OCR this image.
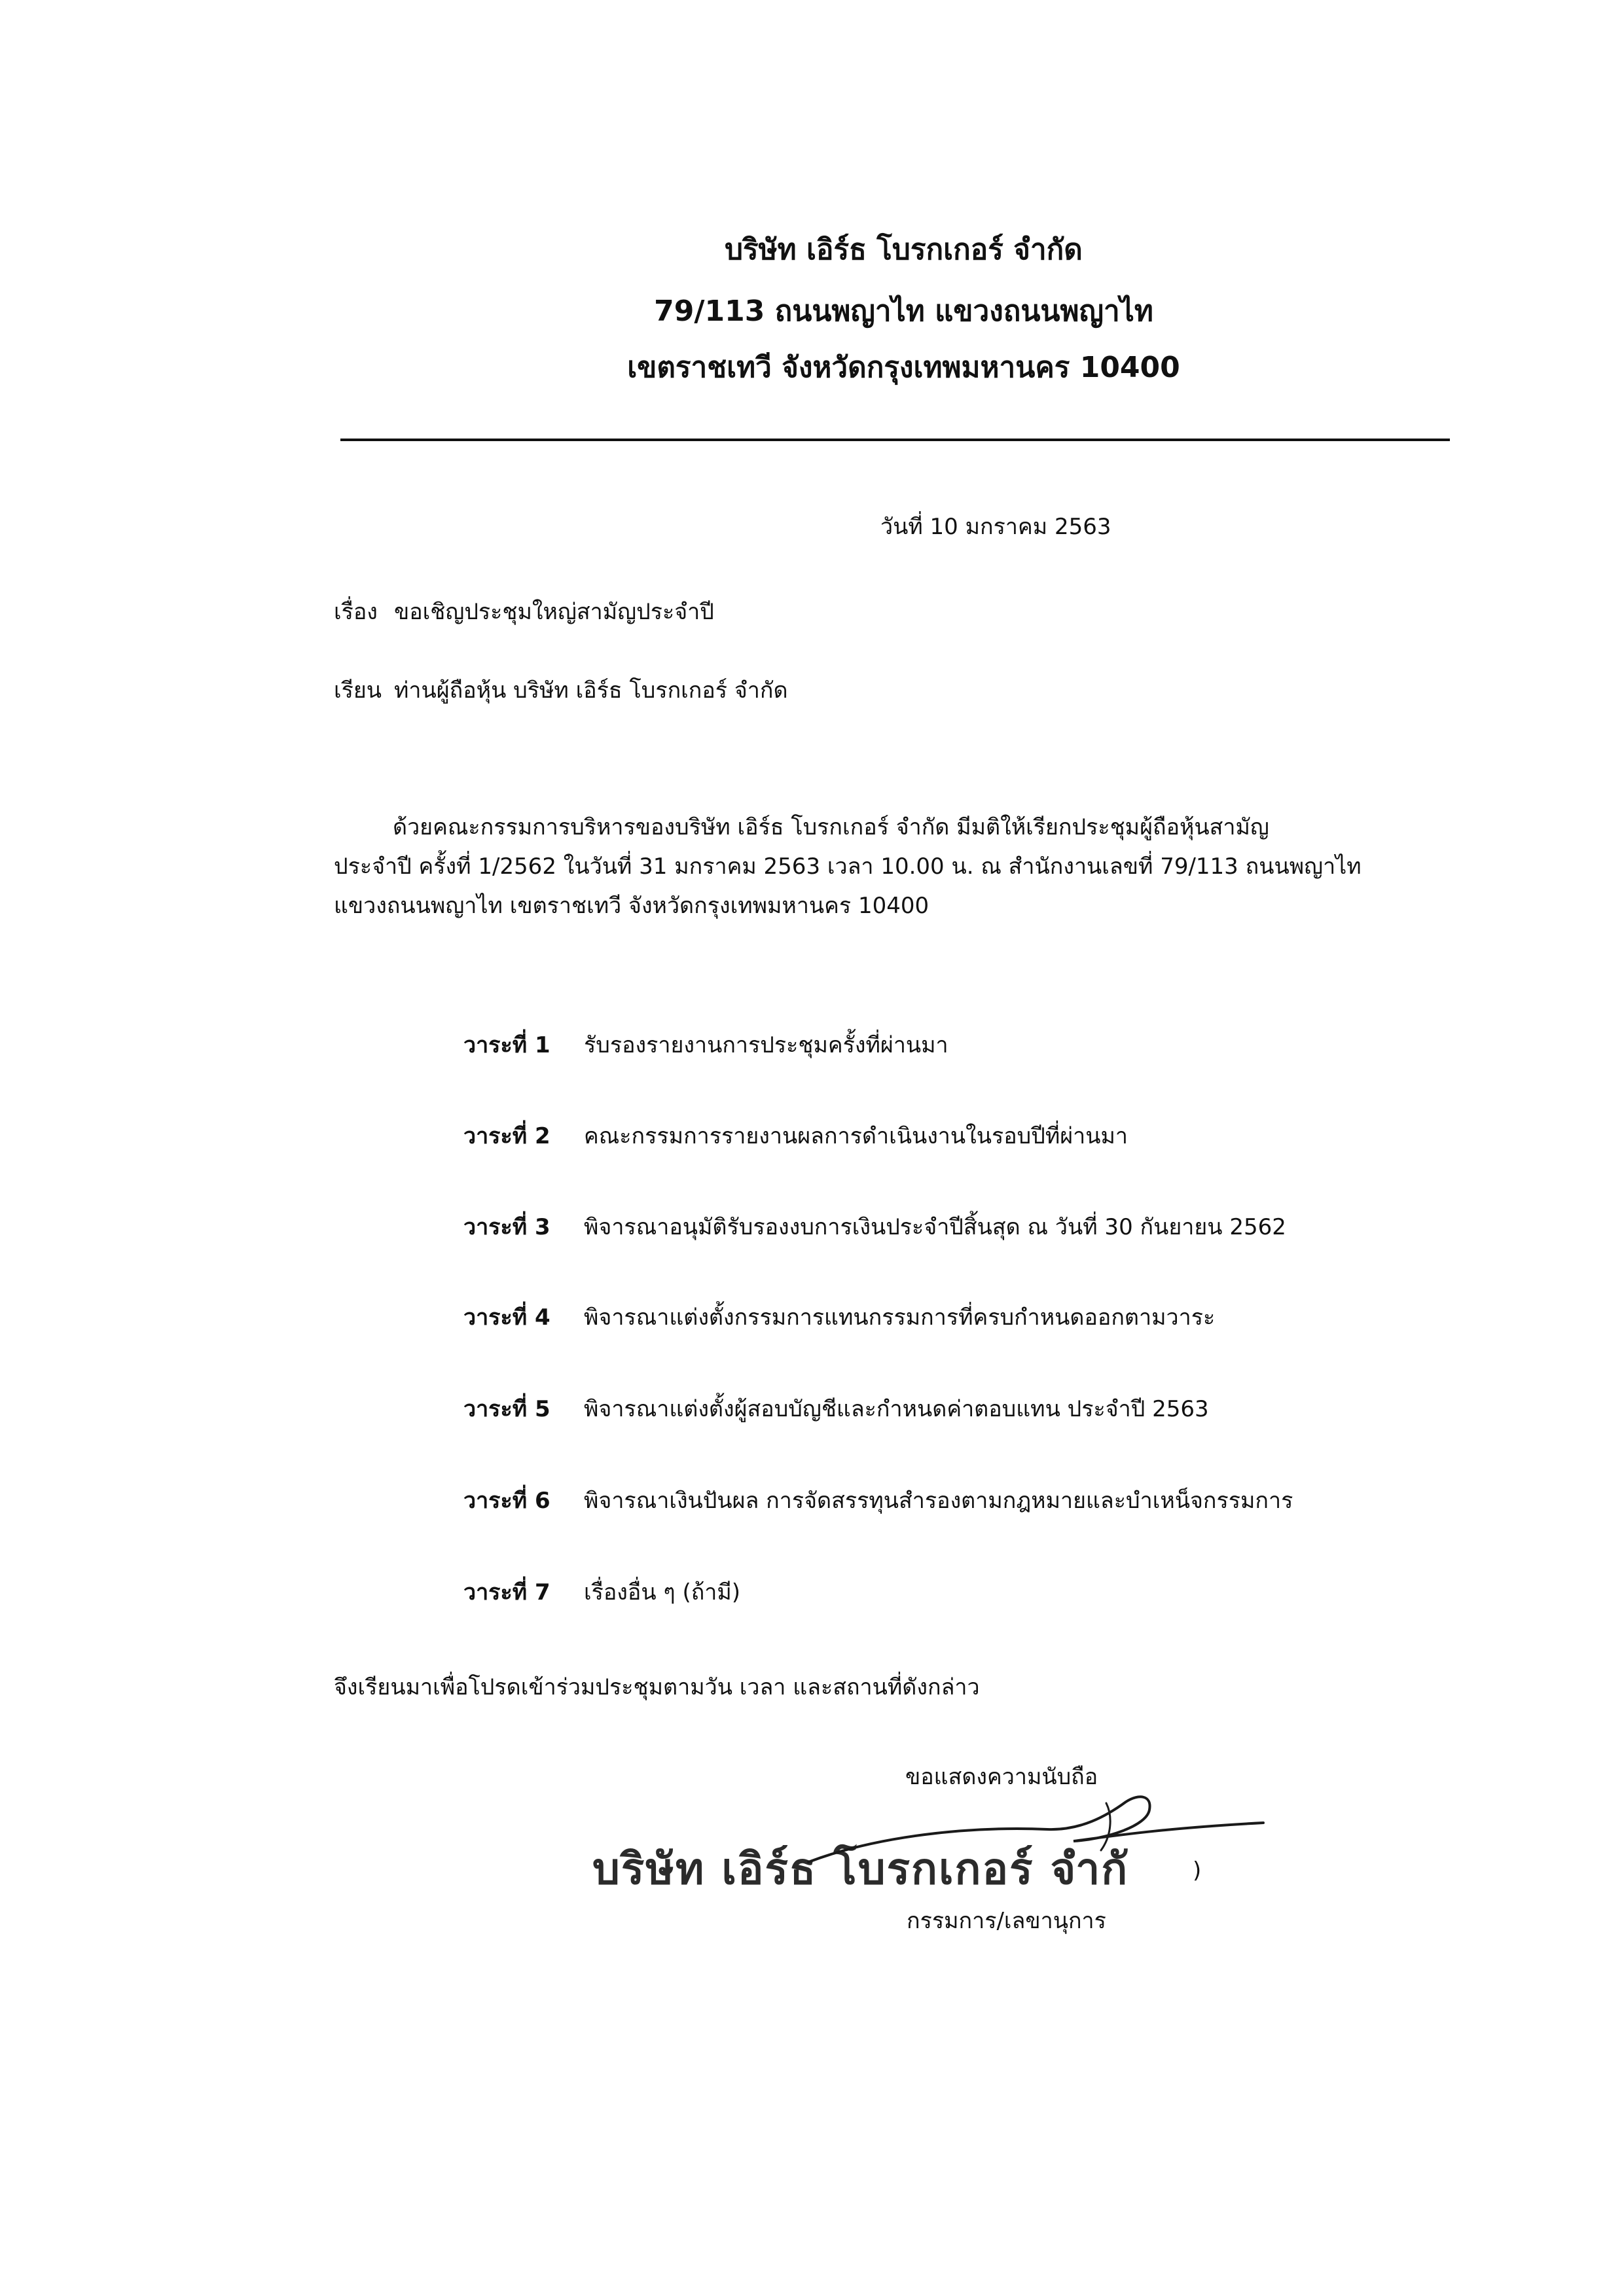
บริษัท เอิร์ธ โบรกเกอร์ จำกัด
79/113 ถนนพญาไท แขวงถนนพญาไท
เขตราชเทวี จังหวัดกรุงเทพมหานคร 10400
วันที่ 10 มกราคม 2563
เรื่อง ขอเชิญประชุมใหญ่สามัญประจำปี
เรียน ท่านผู้ถือหุ้น บริษัท เอิร์ธ โบรกเกอร์ จำกัด
ด้วยคณะกรรมการบริหารของบริษัท เอิร์ธ โบรกเกอร์ จำกัด มีมติให้เรียกประชุมผู้ถือหุ้นสามัญ
ประจำปี ครั้งที่ 1/2562 ในวันที่ 31 มกราคม 2563 เวลา 10.00 น. ณ สำนักงานเลขที่ 79/113 ถนนพญาไท
แขวงถนนพญาไท เขตราชเทวี จังหวัดกรุงเทพมหานคร 10400
วาระที่ 1 รับรองรายงานการประชุมครั้งที่ผ่านมา
วาระที่ 2 คณะกรรมการรายงานผลการดำเนินงานในรอบปีที่ผ่านมา
วาระที่ 3 พิจารณาอนุมัติรับรองงบการเงินประจำปีสิ้นสุด ณ วันที่ 30 กันยายน 2562
วาระที่ 4 พิจารณาแต่งตั้งกรรมการแทนกรรมการที่ครบกำหนดออกตามวาระ
วาระที่ 5 พิจารณาแต่งตั้งผู้สอบบัญชีและกำหนดค่าตอบแทน ประจำปี 2563
วาระที่ 6 พิจารณาเงินปันผล การจัดสรรทุนสำรองตามกฎหมายและบำเหน็จกรรมการ
วาระที่ 7 เรื่องอื่น ๆ (ถ้ามี)
จึงเรียนมาเพื่อโปรดเข้าร่วมประชุมตามวัน เวลา และสถานที่ดังกล่าว
ขอแสดงความนับถือ
บริษัท เอิร์ธ โบรกเกอร์ จำกั	)
กรรมการ/เลขานุการ
